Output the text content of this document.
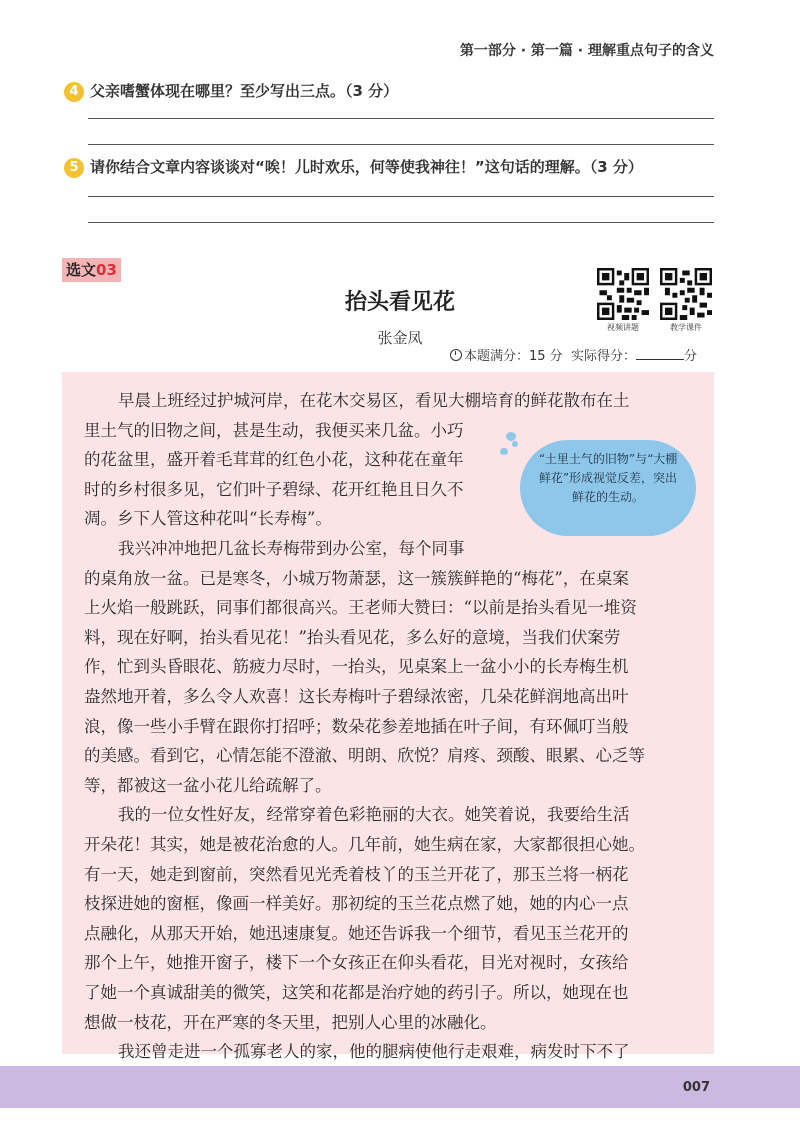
第一部分 · 第一篇 · 理解重点句子的含义
4 父亲嗜蟹体现在哪里？至少写出三点。（3 分）
5 请你结合文章内容谈谈对“唉！儿时欢乐，何等使我神往！”这句话的理解。（3 分）
选文03
抬头看见花
张金凤
视频讲题	教学课件
本题满分：15 分 实际得分：	分
早晨上班经过护城河岸，在花木交易区，看见大棚培育的鲜花散布在土
里土气的旧物之间，甚是生动，我便买来几盆。小巧
的花盆里，盛开着毛茸茸的红色小花，这种花在童年
时的乡村很多见，它们叶子碧绿、花开红艳且日久不
凋。乡下人管这种花叫“长寿梅”。
我兴冲冲地把几盆长寿梅带到办公室，每个同事
的桌角放一盆。已是寒冬，小城万物萧瑟，这一簇簇鲜艳的“梅花”，在桌案
上火焰一般跳跃，同事们都很高兴。王老师大赞曰：“以前是抬头看见一堆资
料，现在好啊，抬头看见花！”抬头看见花，多么好的意境，当我们伏案劳
作，忙到头昏眼花、筋疲力尽时，一抬头，见桌案上一盆小小的长寿梅生机
盎然地开着，多么令人欢喜！这长寿梅叶子碧绿浓密，几朵花鲜润地高出叶
浪，像一些小手臂在跟你打招呼；数朵花参差地插在叶子间，有环佩叮当般
的美感。看到它，心情怎能不澄澈、明朗、欣悦？肩疼、颈酸、眼累、心乏等
等，都被这一盆小花儿给疏解了。
我的一位女性好友，经常穿着色彩艳丽的大衣。她笑着说，我要给生活
开朵花！其实，她是被花治愈的人。几年前，她生病在家，大家都很担心她。
有一天，她走到窗前，突然看见光秃着枝丫的玉兰开花了，那玉兰将一柄花
枝探进她的窗框，像画一样美好。那初绽的玉兰花点燃了她，她的内心一点
点融化，从那天开始，她迅速康复。她还告诉我一个细节，看见玉兰花开的
那个上午，她推开窗子，楼下一个女孩正在仰头看花，目光对视时，女孩给
了她一个真诚甜美的微笑，这笑和花都是治疗她的药引子。所以，她现在也
想做一枝花，开在严寒的冬天里，把别人心里的冰融化。
我还曾走进一个孤寡老人的家，他的腿病使他行走艰难，病发时下不了
“土里土气的旧物”与“大棚鲜花”形成视觉反差，突出鲜花的生动。
007
